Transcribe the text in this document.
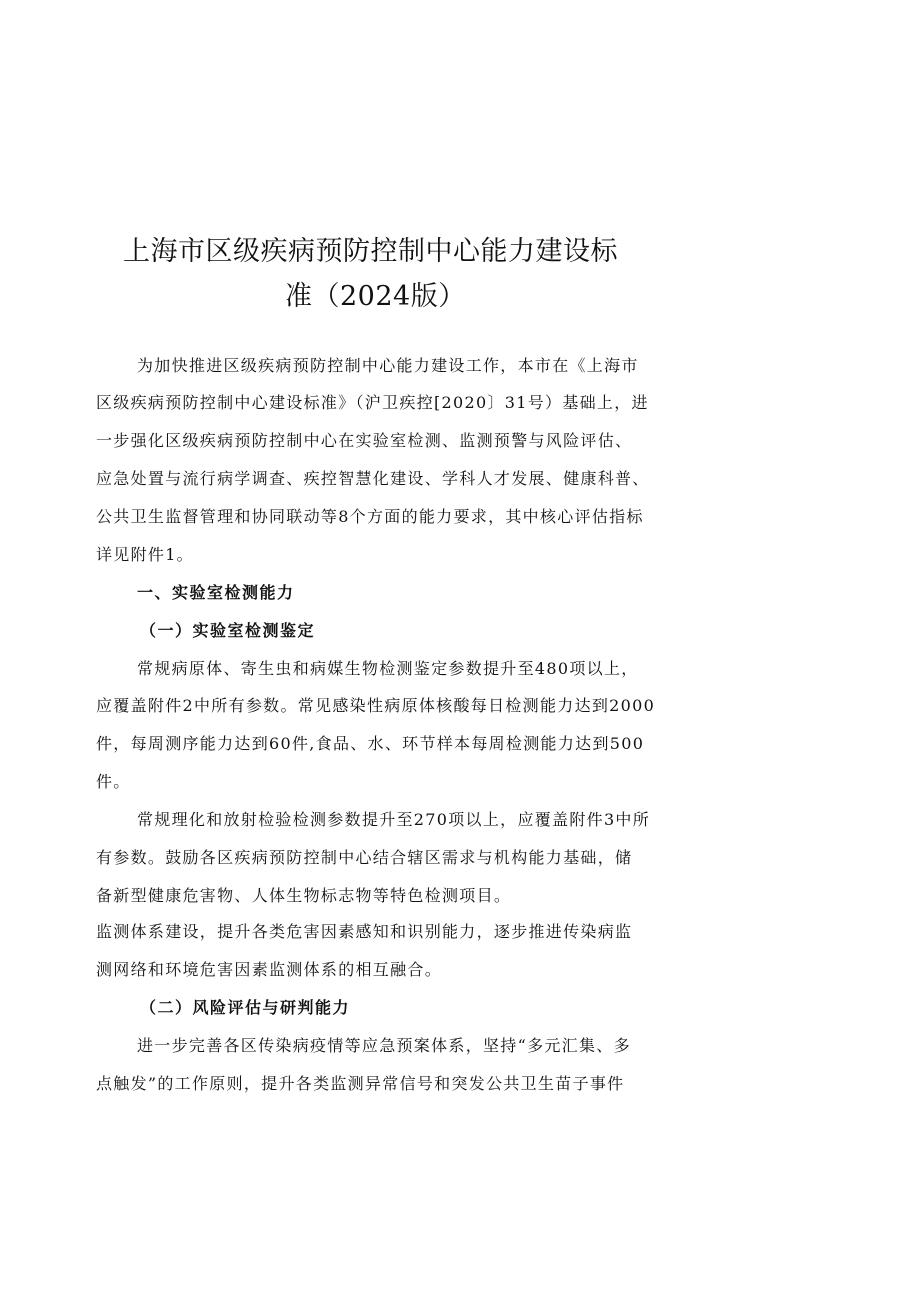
上海市区级疾病预防控制中心能力建设标
准（2024版）
为加快推进区级疾病预防控制中心能力建设工作，本市在《上海市
区级疾病预防控制中心建设标准》（沪卫疾控[2020〕31号）基础上，进
一步强化区级疾病预防控制中心在实验室检测、监测预警与风险评估、
应急处置与流行病学调查、疾控智慧化建设、学科人才发展、健康科普、
公共卫生监督管理和协同联动等8个方面的能力要求，其中核心评估指标
详见附件1。
一、实验室检测能力
（一）实验室检测鉴定
常规病原体、寄生虫和病媒生物检测鉴定参数提升至480项以上，
应覆盖附件2中所有参数。常见感染性病原体核酸每日检测能力达到2000
件，每周测序能力达到60件,食品、水、环节样本每周检测能力达到500
件。
常规理化和放射检验检测参数提升至270项以上，应覆盖附件3中所
有参数。鼓励各区疾病预防控制中心结合辖区需求与机构能力基础，储
备新型健康危害物、人体生物标志物等特色检测项目。
监测体系建设，提升各类危害因素感知和识别能力，逐步推进传染病监
测网络和环境危害因素监测体系的相互融合。
（二）风险评估与研判能力
进一步完善各区传染病疫情等应急预案体系，坚持“多元汇集、多
点触发”的工作原则，提升各类监测异常信号和突发公共卫生苗子事件
